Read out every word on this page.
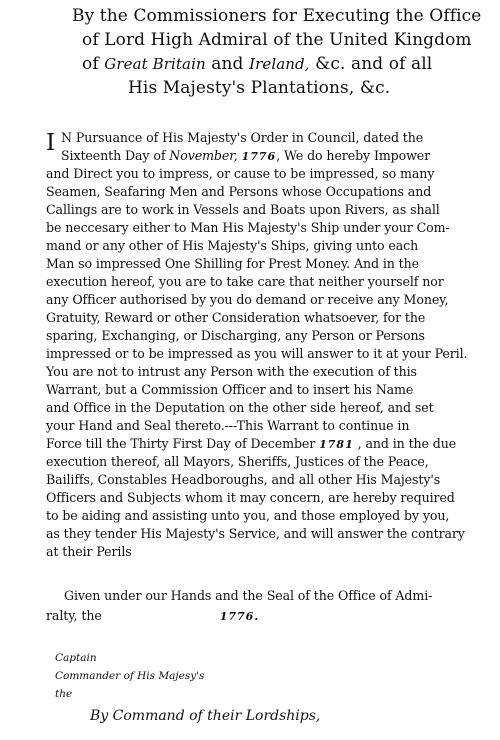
By the Commissioners for Executing the Office
of Lord High Admiral of the United Kingdom
of Great Britain and Ireland, &c. and of all
His Majesty's Plantations, &c.
I N Pursuance of His Majesty's Order in Council, dated the
Sixteenth Day of November, 1776, We do hereby Impower
and Direct you to impress, or cause to be impressed, so many
Seamen, Seafaring Men and Persons whose Occupations and
Callings are to work in Vessels and Boats upon Rivers, as shall
be neccesary either to Man His Majesty's Ship under your Com-
mand or any other of His Majesty's Ships, giving unto each
Man so impressed One Shilling for Prest Money. And in the
execution hereof, you are to take care that neither yourself nor
any Officer authorised by you do demand or receive any Money,
Gratuity, Reward or other Consideration whatsoever, for the
sparing, Exchanging, or Discharging, any Person or Persons
impressed or to be impressed as you will answer to it at your Peril.
You are not to intrust any Person with the execution of this
Warrant, but a Commission Officer and to insert his Name
and Office in the Deputation on the other side hereof, and set
your Hand and Seal thereto.---This Warrant to continue in
Force till the Thirty First Day of December 1781 , and in the due
execution thereof, all Mayors, Sheriffs, Justices of the Peace,
Bailiffs, Constables Headboroughs, and all other His Majesty's
Officers and Subjects whom it may concern, are hereby required
to be aiding and assisting unto you, and those employed by you,
as they tender His Majesty's Service, and will answer the contrary
at their Perils
Given under our Hands and the Seal of the Office of Admi-
ralty, the	1776.
Captain
Commander of His Majesy's
the
By Command of their Lordships,
